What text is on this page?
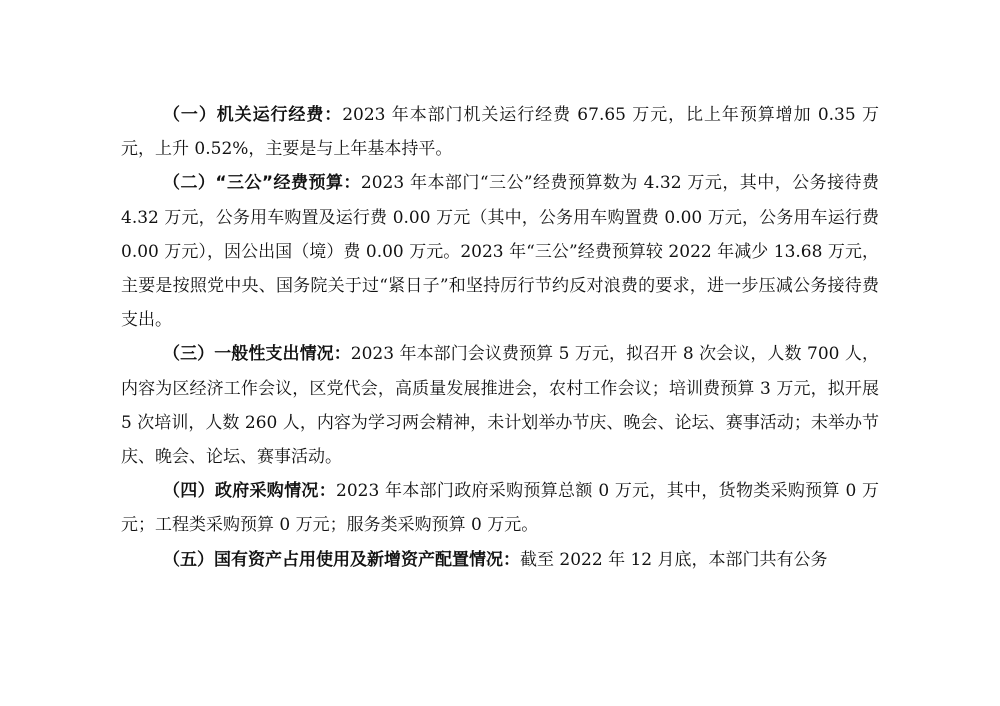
（一）机关运行经费：2023 年本部门机关运行经费 67.65 万元，比上年预算增加 0.35 万元，上升 0.52%，主要是与上年基本持平。

（二）“三公”经费预算：2023 年本部门“三公”经费预算数为 4.32 万元，其中，公务接待费 4.32 万元，公务用车购置及运行费 0.00 万元（其中，公务用车购置费 0.00 万元，公务用车运行费 0.00 万元），因公出国（境）费 0.00 万元。2023 年“三公”经费预算较 2022 年减少 13.68 万元，主要是按照党中央、国务院关于过“紧日子”和坚持厉行节约反对浪费的要求，进一步压减公务接待费支出。

（三）一般性支出情况：2023 年本部门会议费预算 5 万元，拟召开 8 次会议，人数 700 人，内容为区经济工作会议，区党代会，高质量发展推进会，农村工作会议；培训费预算 3 万元，拟开展 5 次培训，人数 260 人，内容为学习两会精神，未计划举办节庆、晚会、论坛、赛事活动；未举办节庆、晚会、论坛、赛事活动。

（四）政府采购情况：2023 年本部门政府采购预算总额 0 万元，其中，货物类采购预算 0 万元；工程类采购预算 0 万元；服务类采购预算 0 万元。

（五）国有资产占用使用及新增资产配置情况：截至 2022 年 12 月底，本部门共有公务
